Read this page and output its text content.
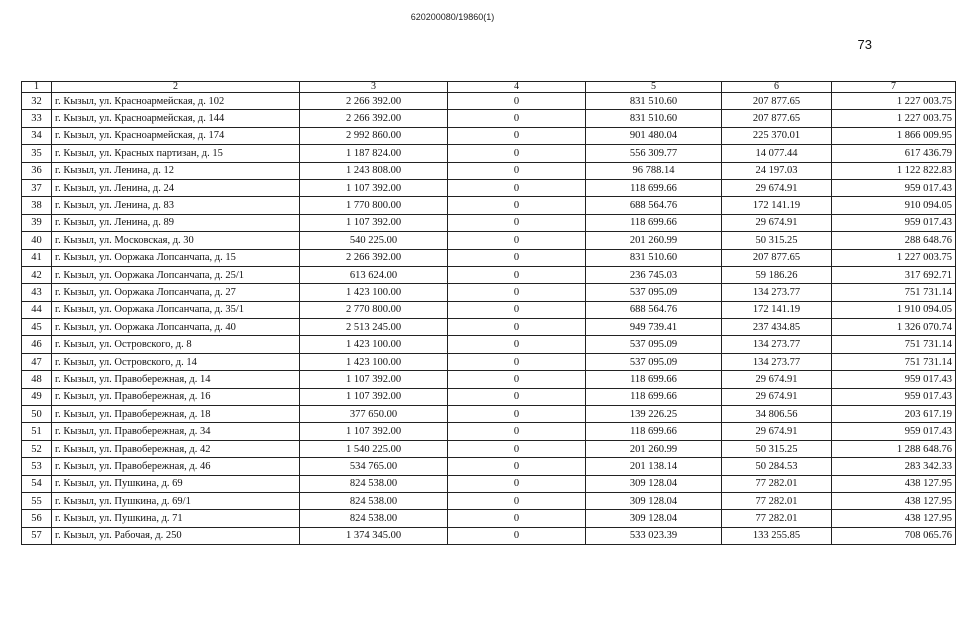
620200080/19860(1)
73
1	2	3	4	5	6	7
32	г. Кызыл, ул. Красноармейская, д. 102	2 266 392.00	0	831 510.60	207 877.65	1 227 003.75
33	г. Кызыл, ул. Красноармейская, д. 144	2 266 392.00	0	831 510.60	207 877.65	1 227 003.75
34	г. Кызыл, ул. Красноармейская, д. 174	2 992 860.00	0	901 480.04	225 370.01	1 866 009.95
35	г. Кызыл, ул. Красных партизан, д. 15	1 187 824.00	0	556 309.77	14 077.44	617 436.79
36	г. Кызыл, ул. Ленина, д. 12	1 243 808.00	0	96 788.14	24 197.03	1 122 822.83
37	г. Кызыл, ул. Ленина, д. 24	1 107 392.00	0	118 699.66	29 674.91	959 017.43
38	г. Кызыл, ул. Ленина, д. 83	1 770 800.00	0	688 564.76	172 141.19	910 094.05
39	г. Кызыл, ул. Ленина, д. 89	1 107 392.00	0	118 699.66	29 674.91	959 017.43
40	г. Кызыл, ул. Московская, д. 30	540 225.00	0	201 260.99	50 315.25	288 648.76
41	г. Кызыл, ул. Ооржака Лопсанчапа, д. 15	2 266 392.00	0	831 510.60	207 877.65	1 227 003.75
42	г. Кызыл, ул. Ооржака Лопсанчапа, д. 25/1	613 624.00	0	236 745.03	59 186.26	317 692.71
43	г. Кызыл, ул. Ооржака Лопсанчапа, д. 27	1 423 100.00	0	537 095.09	134 273.77	751 731.14
44	г. Кызыл, ул. Ооржака Лопсанчапа, д. 35/1	2 770 800.00	0	688 564.76	172 141.19	1 910 094.05
45	г. Кызыл, ул. Ооржака Лопсанчапа, д. 40	2 513 245.00	0	949 739.41	237 434.85	1 326 070.74
46	г. Кызыл, ул. Островского, д. 8	1 423 100.00	0	537 095.09	134 273.77	751 731.14
47	г. Кызыл, ул. Островского, д. 14	1 423 100.00	0	537 095.09	134 273.77	751 731.14
48	г. Кызыл, ул. Правобережная, д. 14	1 107 392.00	0	118 699.66	29 674.91	959 017.43
49	г. Кызыл, ул. Правобережная, д. 16	1 107 392.00	0	118 699.66	29 674.91	959 017.43
50	г. Кызыл, ул. Правобережная, д. 18	377 650.00	0	139 226.25	34 806.56	203 617.19
51	г. Кызыл, ул. Правобережная, д. 34	1 107 392.00	0	118 699.66	29 674.91	959 017.43
52	г. Кызыл, ул. Правобережная, д. 42	1 540 225.00	0	201 260.99	50 315.25	1 288 648.76
53	г. Кызыл, ул. Правобережная, д. 46	534 765.00	0	201 138.14	50 284.53	283 342.33
54	г. Кызыл, ул. Пушкина, д. 69	824 538.00	0	309 128.04	77 282.01	438 127.95
55	г. Кызыл, ул. Пушкина, д. 69/1	824 538.00	0	309 128.04	77 282.01	438 127.95
56	г. Кызыл, ул. Пушкина, д. 71	824 538.00	0	309 128.04	77 282.01	438 127.95
57	г. Кызыл, ул. Рабочая, д. 250	1 374 345.00	0	533 023.39	133 255.85	708 065.76
